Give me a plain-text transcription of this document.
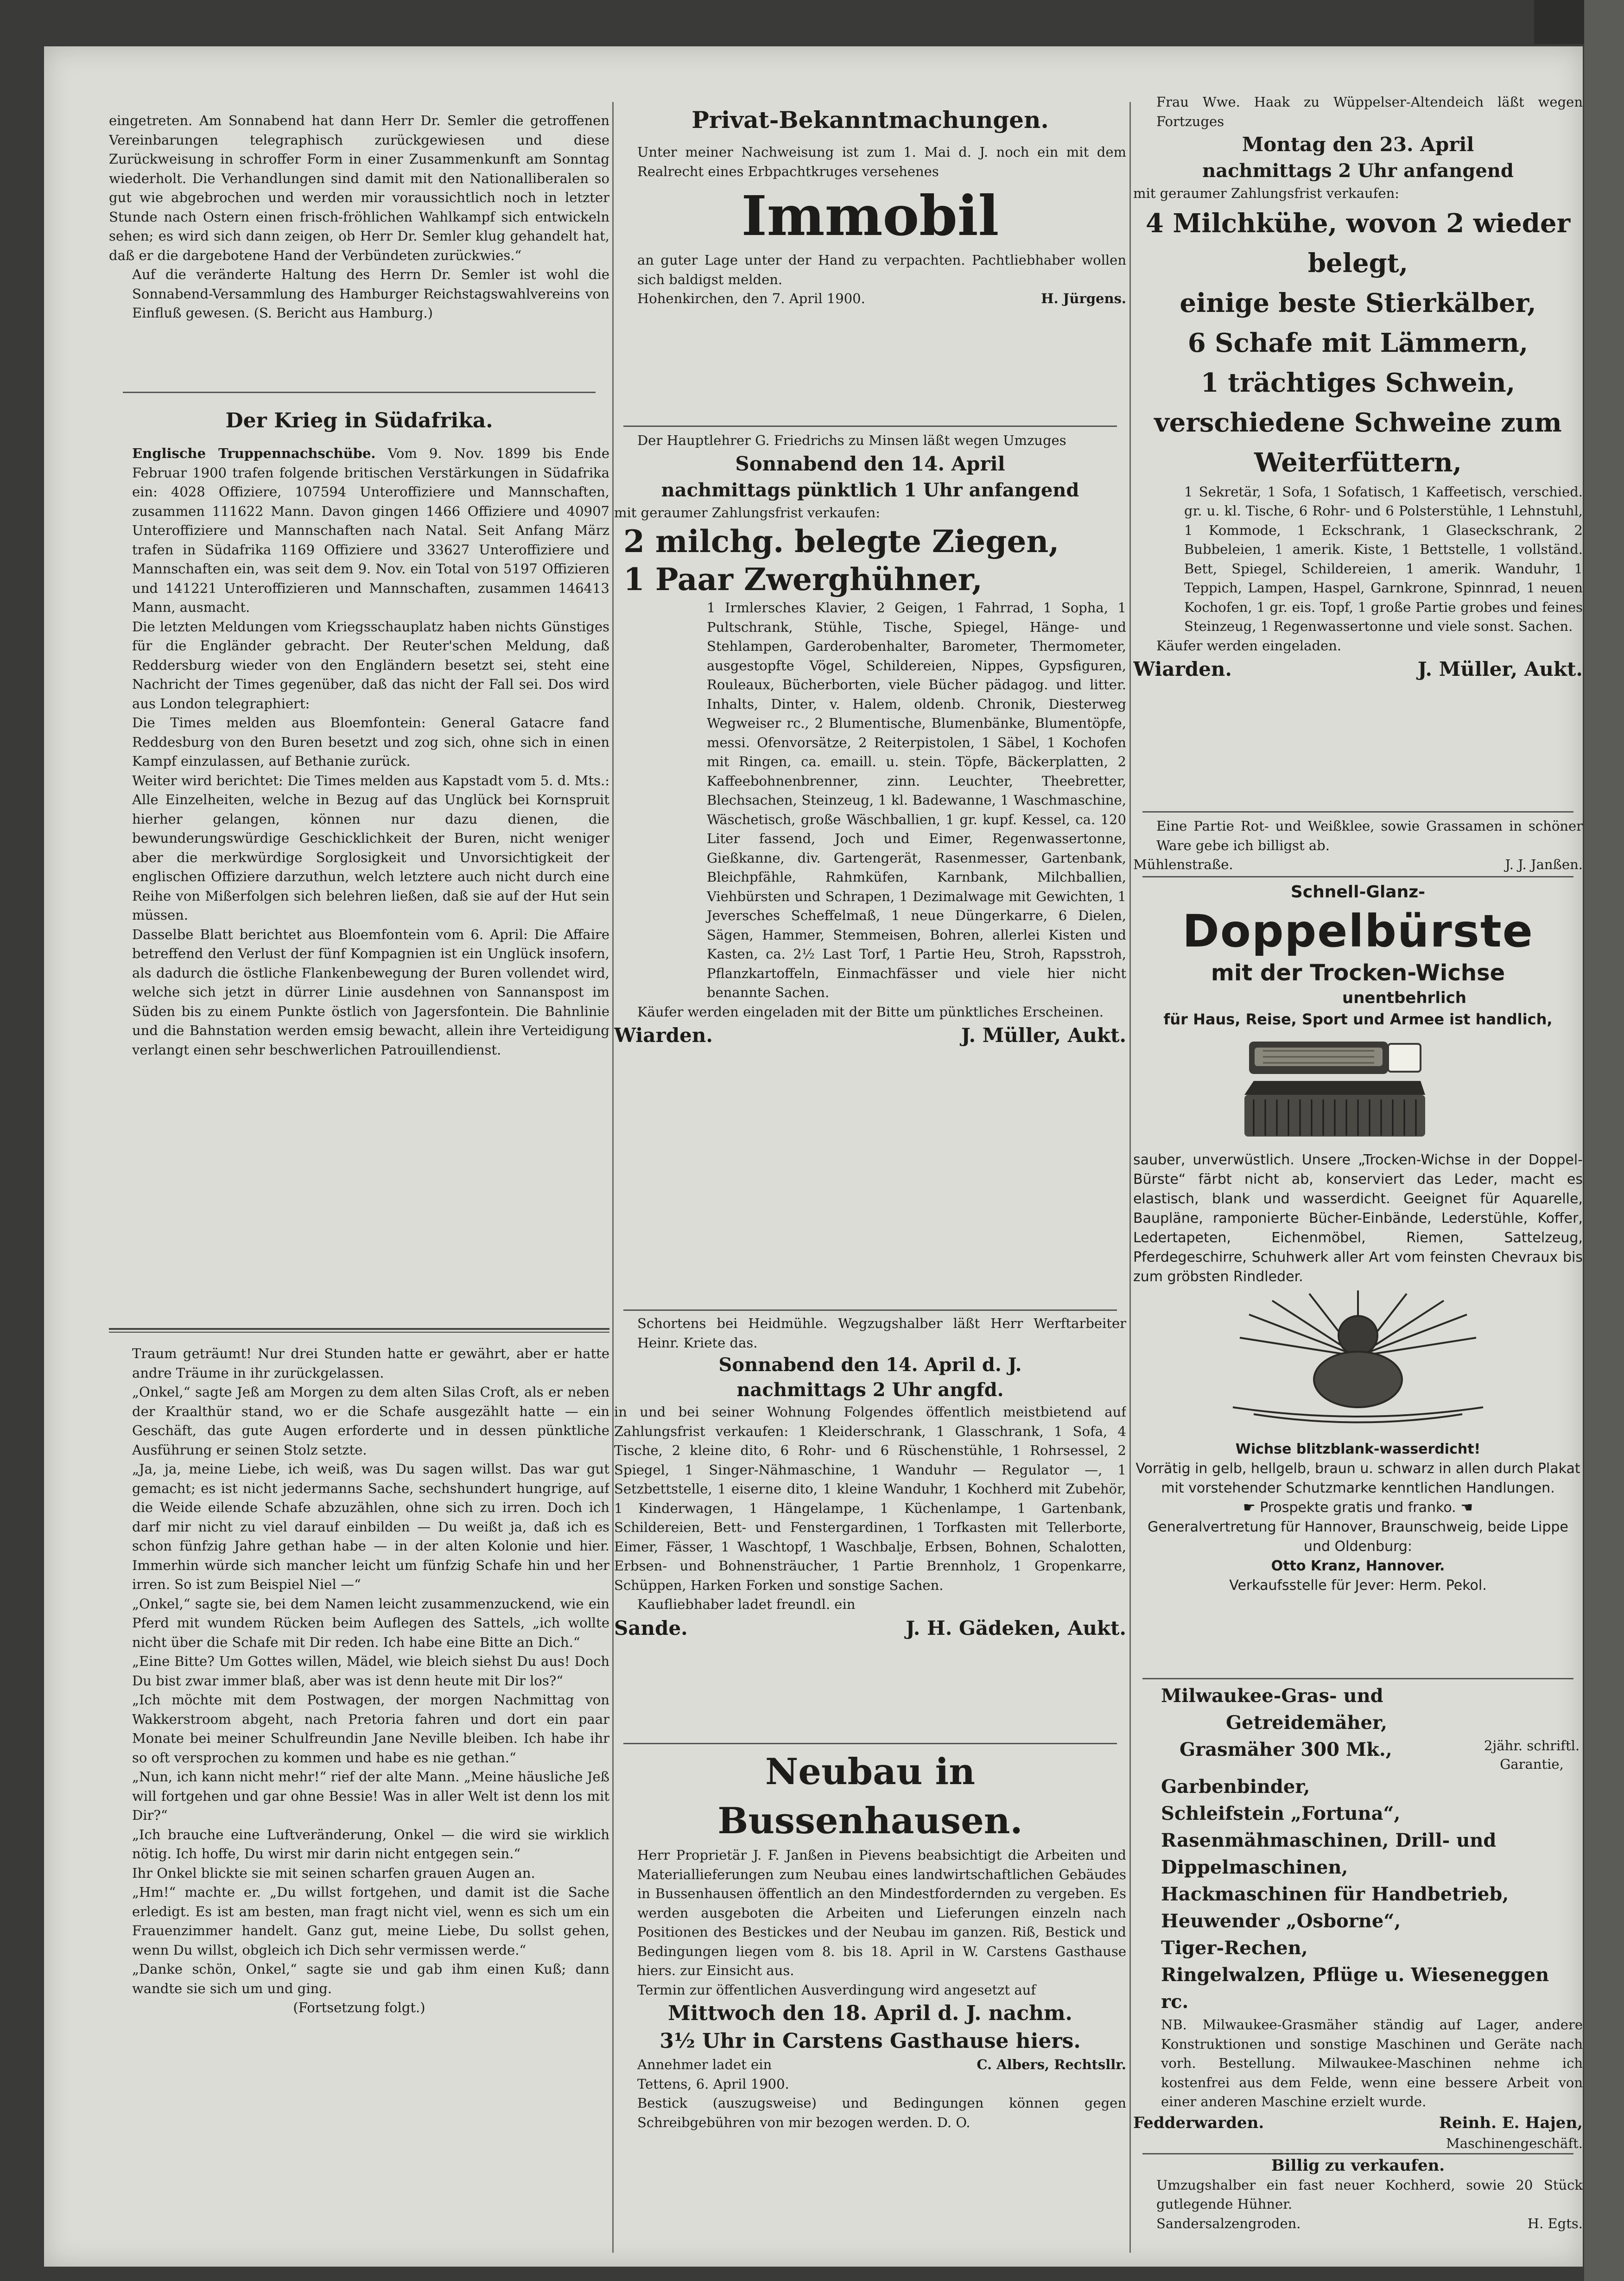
eingetreten. Am Sonnabend hat dann Herr Dr. Semler die getroffenen Vereinbarungen telegraphisch zurückgewiesen und diese Zurückweisung in schroffer Form in einer Zusammenkunft am Sonntag wiederholt. Die Verhandlungen sind damit mit den Nationalliberalen so gut wie abgebrochen und werden mir voraussichtlich noch in letzter Stunde nach Ostern einen frisch-fröhlichen Wahlkampf sich entwickeln sehen; es wird sich dann zeigen, ob Herr Dr. Semler klug gehandelt hat, daß er die dargebotene Hand der Verbündeten zurückwies.“
Auf die veränderte Haltung des Herrn Dr. Semler ist wohl die Sonnabend-Versammlung des Hamburger Reichstagswahlvereins von Einfluß gewesen. (S. Bericht aus Hamburg.)
Der Krieg in Südafrika.
Englische Truppennachschübe. Vom 9. Nov. 1899 bis Ende Februar 1900 trafen folgende britischen Verstärkungen in Südafrika ein: 4028 Offiziere, 107594 Unteroffiziere und Mannschaften, zusammen 111622 Mann. Davon gingen 1466 Offiziere und 40907 Unteroffiziere und Mannschaften nach Natal. Seit Anfang März trafen in Südafrika 1169 Offiziere und 33627 Unteroffiziere und Mannschaften ein, was seit dem 9. Nov. ein Total von 5197 Offizieren und 141221 Unteroffizieren und Mannschaften, zusammen 146413 Mann, ausmacht.
Die letzten Meldungen vom Kriegsschauplatz haben nichts Günstiges für die Engländer gebracht. Der Reuter'schen Meldung, daß Reddersburg wieder von den Engländern besetzt sei, steht eine Nachricht der Times gegenüber, daß das nicht der Fall sei. Dos wird aus London telegraphiert:
Die Times melden aus Bloemfontein: General Gatacre fand Reddesburg von den Buren besetzt und zog sich, ohne sich in einen Kampf einzulassen, auf Bethanie zurück.
Weiter wird berichtet: Die Times melden aus Kapstadt vom 5. d. Mts.: Alle Einzelheiten, welche in Bezug auf das Unglück bei Kornspruit hierher gelangen, können nur dazu dienen, die bewunderungswürdige Geschicklichkeit der Buren, nicht weniger aber die merkwürdige Sorglosigkeit und Unvorsichtigkeit der englischen Offiziere darzuthun, welch letztere auch nicht durch eine Reihe von Mißerfolgen sich belehren ließen, daß sie auf der Hut sein müssen.
Dasselbe Blatt berichtet aus Bloemfontein vom 6. April: Die Affaire betreffend den Verlust der fünf Kompagnien ist ein Unglück insofern, als dadurch die östliche Flankenbewegung der Buren vollendet wird, welche sich jetzt in dürrer Linie ausdehnen von Sannanspost im Süden bis zu einem Punkte östlich von Jagersfontein. Die Bahnlinie und die Bahnstation werden emsig bewacht, allein ihre Verteidigung verlangt einen sehr beschwerlichen Patrouillendienst.
Traum geträumt! Nur drei Stunden hatte er gewährt, aber er hatte andre Träume in ihr zurückgelassen.
„Onkel,“ sagte Jeß am Morgen zu dem alten Silas Croft, als er neben der Kraalthür stand, wo er die Schafe ausgezählt hatte — ein Geschäft, das gute Augen erforderte und in dessen pünktliche Ausführung er seinen Stolz setzte.
„Ja, ja, meine Liebe, ich weiß, was Du sagen willst. Das war gut gemacht; es ist nicht jedermanns Sache, sechshundert hungrige, auf die Weide eilende Schafe abzuzählen, ohne sich zu irren. Doch ich darf mir nicht zu viel darauf einbilden — Du weißt ja, daß ich es schon fünfzig Jahre gethan habe — in der alten Kolonie und hier. Immerhin würde sich mancher leicht um fünfzig Schafe hin und her irren. So ist zum Beispiel Niel —“
„Onkel,“ sagte sie, bei dem Namen leicht zusammenzuckend, wie ein Pferd mit wundem Rücken beim Auflegen des Sattels, „ich wollte nicht über die Schafe mit Dir reden. Ich habe eine Bitte an Dich.“
„Eine Bitte? Um Gottes willen, Mädel, wie bleich siehst Du aus! Doch Du bist zwar immer blaß, aber was ist denn heute mit Dir los?“
„Ich möchte mit dem Postwagen, der morgen Nachmittag von Wakkerstroom abgeht, nach Pretoria fahren und dort ein paar Monate bei meiner Schulfreundin Jane Neville bleiben. Ich habe ihr so oft versprochen zu kommen und habe es nie gethan.“
„Nun, ich kann nicht mehr!“ rief der alte Mann. „Meine häusliche Jeß will fortgehen und gar ohne Bessie! Was in aller Welt ist denn los mit Dir?“
„Ich brauche eine Luftveränderung, Onkel — die wird sie wirklich nötig. Ich hoffe, Du wirst mir darin nicht entgegen sein.“
Ihr Onkel blickte sie mit seinen scharfen grauen Augen an.
„Hm!“ machte er. „Du willst fortgehen, und damit ist die Sache erledigt. Es ist am besten, man fragt nicht viel, wenn es sich um ein Frauenzimmer handelt. Ganz gut, meine Liebe, Du sollst gehen, wenn Du willst, obgleich ich Dich sehr vermissen werde.“
„Danke schön, Onkel,“ sagte sie und gab ihm einen Kuß; dann wandte sie sich um und ging.
(Fortsetzung folgt.)
Privat-Bekanntmachungen.
Unter meiner Nachweisung ist zum 1. Mai d. J. noch ein mit dem Realrecht eines Erbpachtkruges versehenes
Immobil
an guter Lage unter der Hand zu verpachten. Pachtliebhaber wollen sich baldigst melden.
Hohenkirchen, den 7. April 1900.	H. Jürgens.
Der Hauptlehrer G. Friedrichs zu Minsen läßt wegen Umzuges
Sonnabend den 14. April
nachmittags pünktlich 1 Uhr anfangend
mit geraumer Zahlungsfrist verkaufen:
2 milchg. belegte Ziegen,
1 Paar Zwerghühner,
1 Irmlersches Klavier, 2 Geigen, 1 Fahrrad, 1 Sopha, 1 Pultschrank, Stühle, Tische, Spiegel, Hänge- und Stehlampen, Garderobenhalter, Barometer, Thermometer, ausgestopfte Vögel, Schildereien, Nippes, Gypsfiguren, Rouleaux, Bücherborten, viele Bücher pädagog. und litter. Inhalts, Dinter, v. Halem, oldenb. Chronik, Diesterweg Wegweiser rc., 2 Blumentische, Blumenbänke, Blumentöpfe, messi. Ofenvorsätze, 2 Reiterpistolen, 1 Säbel, 1 Kochofen mit Ringen, ca. emaill. u. stein. Töpfe, Bäckerplatten, 2 Kaffeebohnenbrenner, zinn. Leuchter, Theebretter, Blechsachen, Steinzeug, 1 kl. Badewanne, 1 Waschmaschine, Wäschetisch, große Wäschballien, 1 gr. kupf. Kessel, ca. 120 Liter fassend, Joch und Eimer, Regenwassertonne, Gießkanne, div. Gartengerät, Rasenmesser, Gartenbank, Bleichpfähle, Rahmküfen, Karnbank, Milchballien, Viehbürsten und Schrapen, 1 Dezimalwage mit Gewichten, 1 Jeversches Scheffelmaß, 1 neue Düngerkarre, 6 Dielen, Sägen, Hammer, Stemmeisen, Bohren, allerlei Kisten und Kasten, ca. 2½ Last Torf, 1 Partie Heu, Stroh, Rapsstroh, Pflanzkartoffeln, Einmachfässer und viele hier nicht benannte Sachen.
Käufer werden eingeladen mit der Bitte um pünktliches Erscheinen.
Wiarden.	J. Müller, Aukt.
Schortens bei Heidmühle. Wegzugshalber läßt Herr Werftarbeiter Heinr. Kriete das.
Sonnabend den 14. April d. J.
nachmittags 2 Uhr angfd.
in und bei seiner Wohnung Folgendes öffentlich meistbietend auf Zahlungsfrist verkaufen: 1 Kleiderschrank, 1 Glasschrank, 1 Sofa, 4 Tische, 2 kleine dito, 6 Rohr- und 6 Rüschenstühle, 1 Rohrsessel, 2 Spiegel, 1 Singer-Nähmaschine, 1 Wanduhr — Regulator —, 1 Setzbettstelle, 1 eiserne dito, 1 kleine Wanduhr, 1 Kochherd mit Zubehör, 1 Kinderwagen, 1 Hängelampe, 1 Küchenlampe, 1 Gartenbank, Schildereien, Bett- und Fenstergardinen, 1 Torfkasten mit Tellerborte, Eimer, Fässer, 1 Waschtopf, 1 Waschbalje, Erbsen, Bohnen, Schalotten, Erbsen- und Bohnensträucher, 1 Partie Brennholz, 1 Gropenkarre, Schüppen, Harken Forken und sonstige Sachen.
Kaufliebhaber ladet freundl. ein
Sande.	J. H. Gädeken, Aukt.
Neubau in Bussenhausen.
Herr Proprietär J. F. Janßen in Pievens beabsichtigt die Arbeiten und Materiallieferungen zum Neubau eines landwirtschaftlichen Gebäudes in Bussenhausen öffentlich an den Mindestfordernden zu vergeben. Es werden ausgeboten die Arbeiten und Lieferungen einzeln nach Positionen des Bestickes und der Neubau im ganzen. Riß, Bestick und Bedingungen liegen vom 8. bis 18. April in W. Carstens Gasthause hiers. zur Einsicht aus.
Termin zur öffentlichen Ausverdingung wird angesetzt auf
Mittwoch den 18. April d. J. nachm.
3½ Uhr in Carstens Gasthause hiers.
Annehmer ladet ein	C. Albers, Rechtsllr.
Tettens, 6. April 1900.
Bestick (auszugsweise) und Bedingungen können gegen Schreibgebühren von mir bezogen werden. D. O.
Frau Wwe. Haak zu Wüppelser-Altendeich läßt wegen Fortzuges
Montag den 23. April
nachmittags 2 Uhr anfangend
mit geraumer Zahlungsfrist verkaufen:
4 Milchkühe, wovon 2 wieder
belegt,
einige beste Stierkälber,
6 Schafe mit Lämmern,
1 trächtiges Schwein,
verschiedene Schweine zum
Weiterfüttern,
1 Sekretär, 1 Sofa, 1 Sofatisch, 1 Kaffeetisch, verschied. gr. u. kl. Tische, 6 Rohr- und 6 Polsterstühle, 1 Lehnstuhl, 1 Kommode, 1 Eckschrank, 1 Glaseckschrank, 2 Bubbeleien, 1 amerik. Kiste, 1 Bettstelle, 1 vollständ. Bett, Spiegel, Schildereien, 1 amerik. Wanduhr, 1 Teppich, Lampen, Haspel, Garnkrone, Spinnrad, 1 neuen Kochofen, 1 gr. eis. Topf, 1 große Partie grobes und feines Steinzeug, 1 Regenwassertonne und viele sonst. Sachen.
Käufer werden eingeladen.
Wiarden.	J. Müller, Aukt.
Eine Partie Rot- und Weißklee, sowie Grassamen in schöner Ware gebe ich billigst ab.
Mühlenstraße.	J. J. Janßen.
Schnell-Glanz-
Doppelbürste
mit der Trocken-Wichse
unentbehrlich
für Haus, Reise, Sport und Armee ist handlich,
sauber, unverwüstlich. Unsere „Trocken-Wichse in der Doppel-Bürste“ färbt nicht ab, konserviert das Leder, macht es elastisch, blank und wasserdicht. Geeignet für Aquarelle, Baupläne, ramponierte Bücher-Einbände, Lederstühle, Koffer, Ledertapeten, Eichenmöbel, Riemen, Sattelzeug, Pferdegeschirre, Schuhwerk aller Art vom feinsten Chevraux bis zum gröbsten Rindleder.
Wichse blitzblank-wasserdicht!
Vorrätig in gelb, hellgelb, braun u. schwarz in allen durch Plakat mit vorstehender Schutzmarke kenntlichen Handlungen.
☛ Prospekte gratis und franko. ☚
Generalvertretung für Hannover, Braunschweig, beide Lippe und Oldenburg:
Otto Kranz, Hannover.
Verkaufsstelle für Jever: Herm. Pekol.
Milwaukee-Gras- und
Getreidemäher,
Grasmäher 300 Mk.,	2jähr. schriftl. Garantie,
Garbenbinder,
Schleifstein „Fortuna“,
Rasenmähmaschinen, Drill- und Dippelmaschinen,
Hackmaschinen für Handbetrieb,
Heuwender „Osborne“,
Tiger-Rechen,
Ringelwalzen, Pflüge u. Wieseneggen rc.
NB. Milwaukee-Grasmäher ständig auf Lager, andere Konstruktionen und sonstige Maschinen und Geräte nach vorh. Bestellung. Milwaukee-Maschinen nehme ich kostenfrei aus dem Felde, wenn eine bessere Arbeit von einer anderen Maschine erzielt wurde.
Fedderwarden.	Reinh. E. Hajen,
Maschinengeschäft.
Billig zu verkaufen.
Umzugshalber ein fast neuer Kochherd, sowie 20 Stück gutlegende Hühner.
Sandersalzengroden.	H. Egts.
